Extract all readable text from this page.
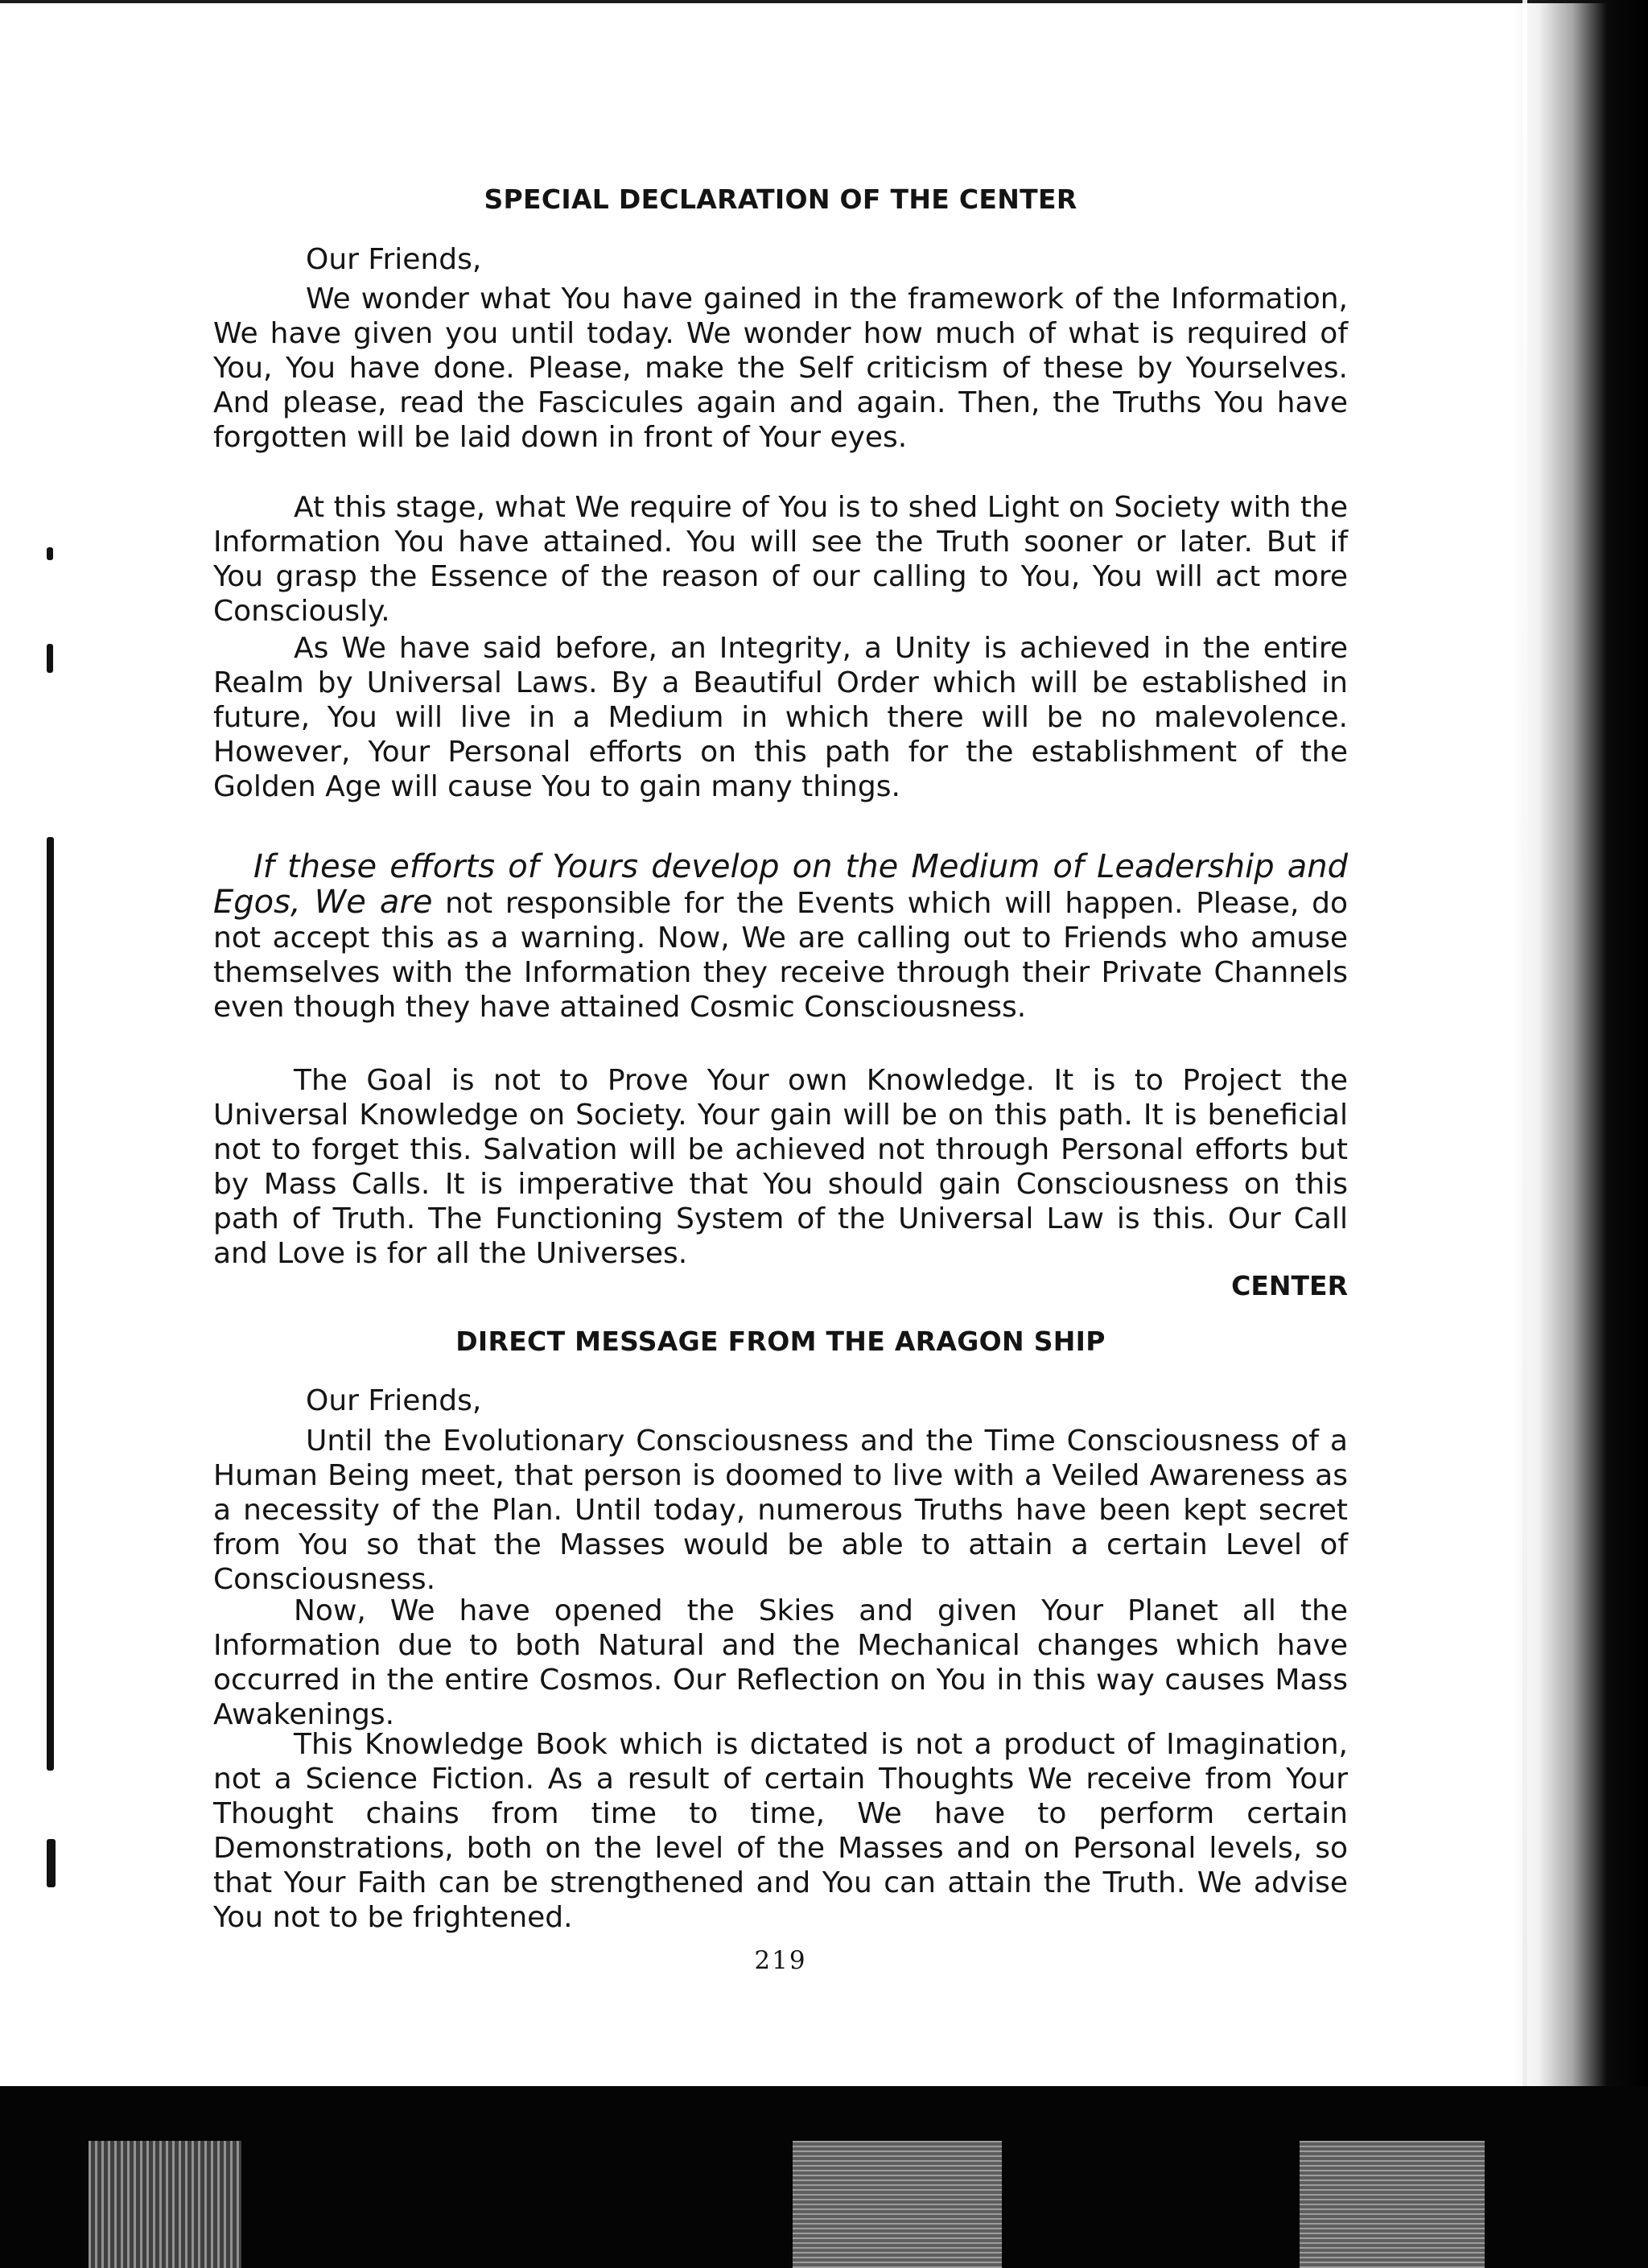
SPECIAL DECLARATION OF THE CENTER

Our Friends,

We wonder what You have gained in the framework of the Information, We have given you until today. We wonder how much of what is required of You, You have done. Please, make the Self criticism of these by Yourselves. And please, read the Fascicules again and again. Then, the Truths You have forgotten will be laid down in front of Your eyes.

At this stage, what We require of You is to shed Light on Society with the Information You have attained. You will see the Truth sooner or later. But if You grasp the Essence of the reason of our calling to You, You will act more Consciously.

As We have said before, an Integrity, a Unity is achieved in the entire Realm by Universal Laws. By a Beautiful Order which will be established in future, You will live in a Medium in which there will be no malevolence. However, Your Personal efforts on this path for the establishment of the Golden Age will cause You to gain many things.

If these efforts of Yours develop on the Medium of Leadership and Egos, We are not responsible for the Events which will happen. Please, do not accept this as a warning. Now, We are calling out to Friends who amuse themselves with the Information they receive through their Private Channels even though they have attained Cosmic Consciousness.

The Goal is not to Prove Your own Knowledge. It is to Project the Universal Knowledge on Society. Your gain will be on this path. It is beneficial not to forget this. Salvation will be achieved not through Personal efforts but by Mass Calls. It is imperative that You should gain Consciousness on this path of Truth. The Functioning System of the Universal Law is this. Our Call and Love is for all the Universes.

CENTER

DIRECT MESSAGE FROM THE ARAGON SHIP

Our Friends,

Until the Evolutionary Consciousness and the Time Consciousness of a Human Being meet, that person is doomed to live with a Veiled Awareness as a necessity of the Plan. Until today, numerous Truths have been kept secret from You so that the Masses would be able to attain a certain Level of Consciousness.

Now, We have opened the Skies and given Your Planet all the Information due to both Natural and the Mechanical changes which have occurred in the entire Cosmos. Our Reflection on You in this way causes Mass Awakenings.

This Knowledge Book which is dictated is not a product of Imagination, not a Science Fiction. As a result of certain Thoughts We receive from Your Thought chains from time to time, We have to perform certain Demonstrations, both on the level of the Masses and on Personal levels, so that Your Faith can be strengthened and You can attain the Truth. We advise You not to be frightened.

219
